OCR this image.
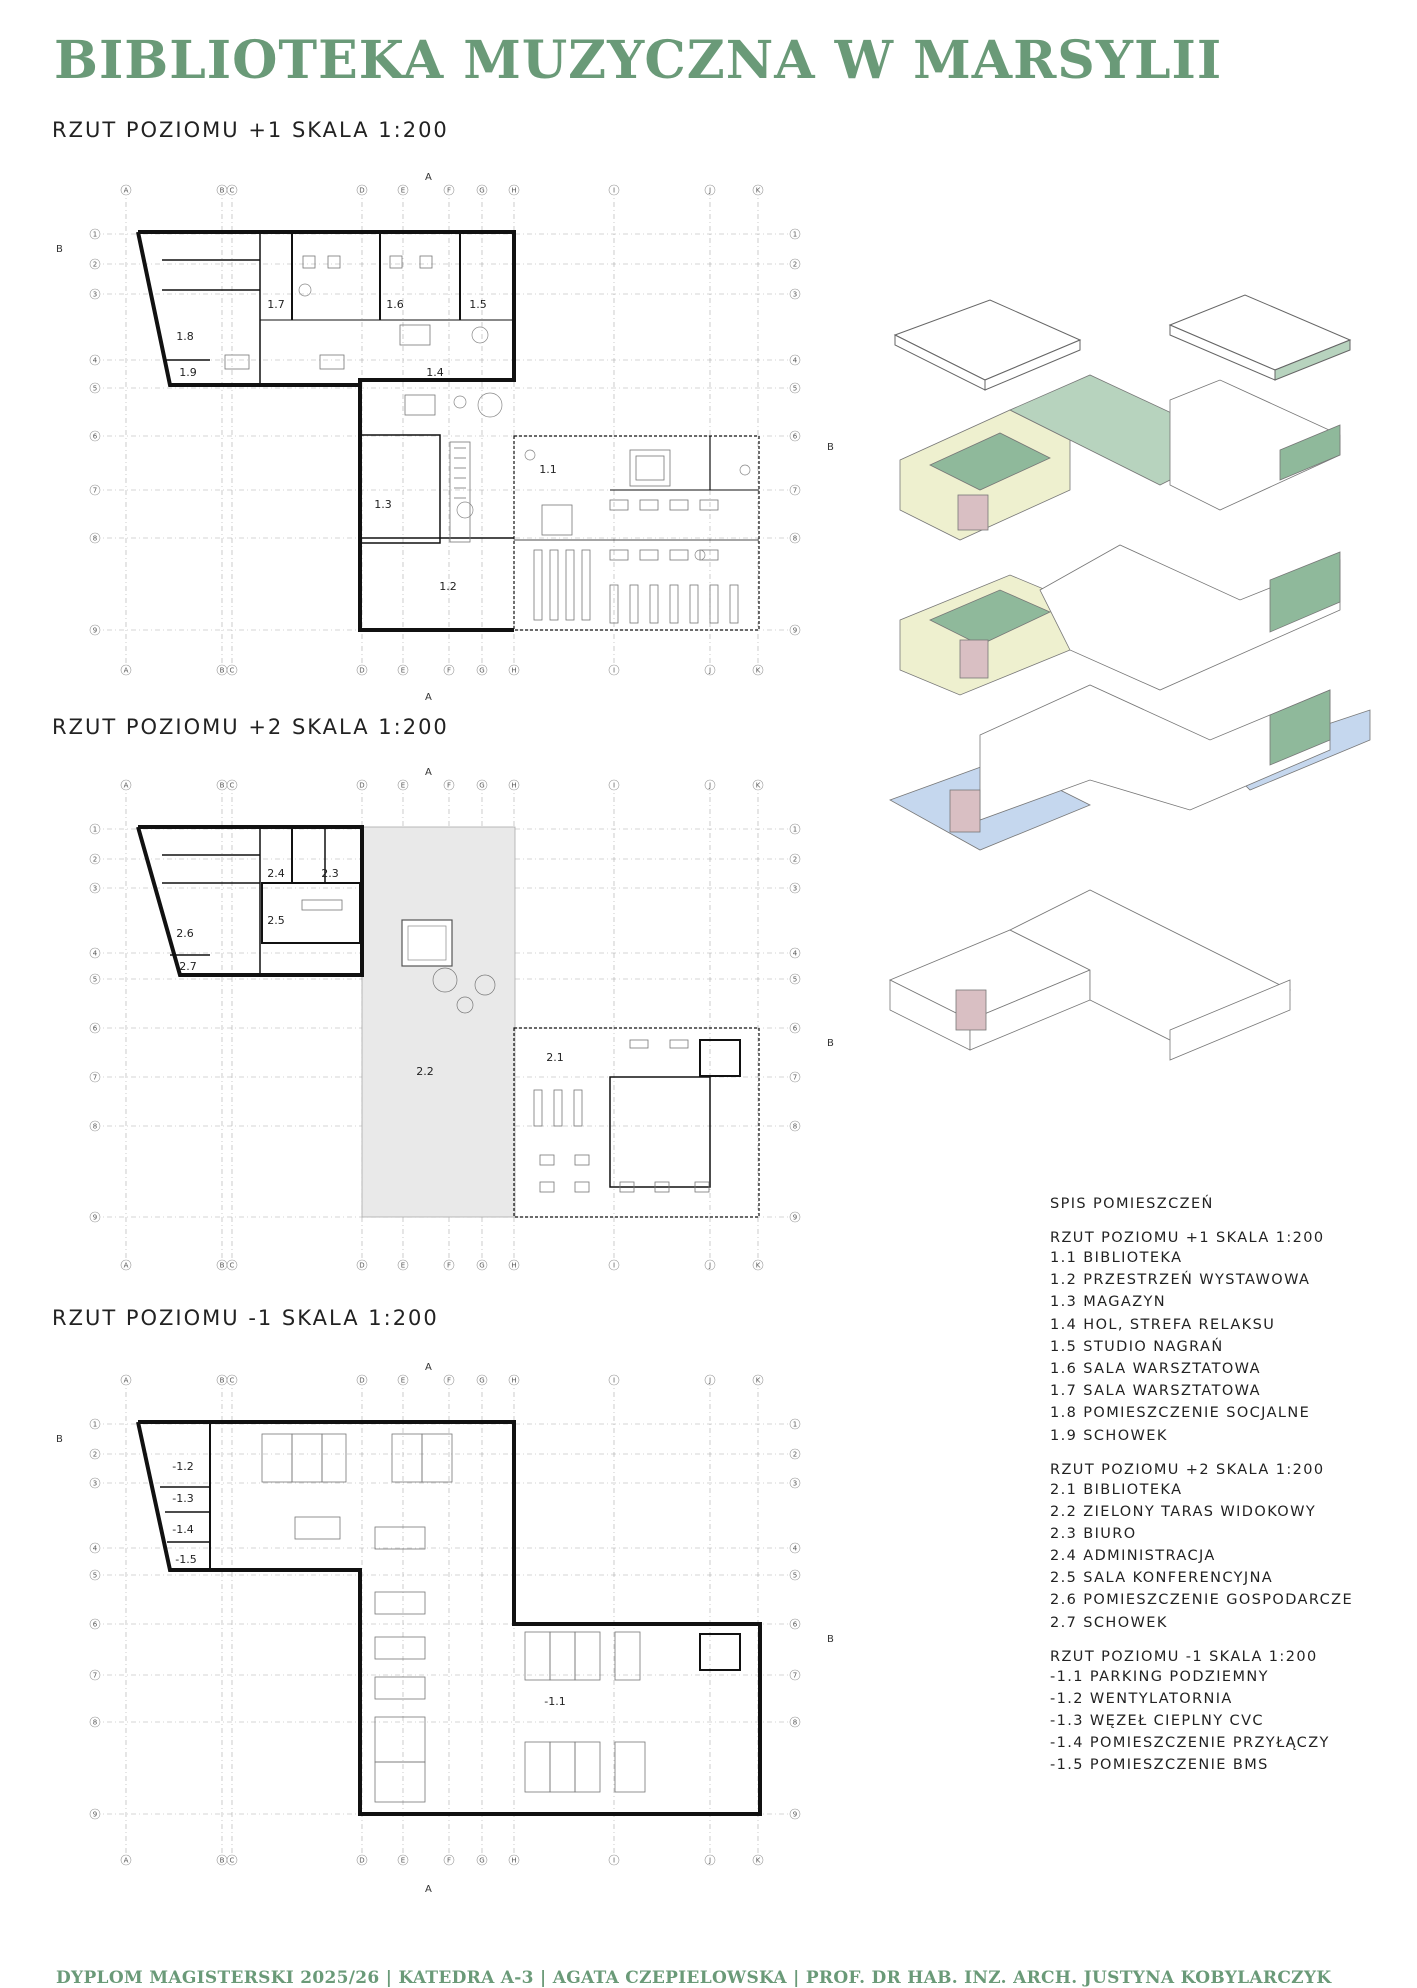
BIBLIOTEKA MUZYCZNA W MARSYLII
RZUT POZIOMU +1 SKALA 1:200
A	B C	D	E	F	G	H	I	J	K
A	B C	D	E	F	G	H	I	J	K
1
2
3
4
5
6
7
8
9
1
2
3
4
5
6
7
8
9
A
A
B
B
1.1
1.2
1.3
1.4
1.5
1.6
1.7
1.8
1.9
RZUT POZIOMU +2 SKALA 1:200
A	B C	D	E	F	G	H	I	J	K
A	B C	D	E	F	G	H	I	J	K
1
2
3
4
5
6
7
8
9
1
2
3
4
5
6
7
8
9
A
B
2.1
2.2
2.3
2.4
2.5
2.6
2.7
RZUT POZIOMU -1 SKALA 1:200
A	B C	D	E	F	G	H	I	J	K
A	B C	D	E	F	G	H	I	J	K
1
2
3
4
5
6
7
8
9
1
2
3
4
5
6
7
8
9
A
A
B
B
-1.1
-1.2
-1.3
-1.4
-1.5
SPIS POMIESZCZEŃ
RZUT POZIOMU +1 SKALA 1:200
1.1 BIBLIOTEKA
1.2 PRZESTRZEŃ WYSTAWOWA
1.3 MAGAZYN
1.4 HOL, STREFA RELAKSU
1.5 STUDIO NAGRAŃ
1.6 SALA WARSZTATOWA
1.7 SALA WARSZTATOWA
1.8 POMIESZCZENIE SOCJALNE
1.9 SCHOWEK
RZUT POZIOMU +2 SKALA 1:200
2.1 BIBLIOTEKA
2.2 ZIELONY TARAS WIDOKOWY
2.3 BIURO
2.4 ADMINISTRACJA
2.5 SALA KONFERENCYJNA
2.6 POMIESZCZENIE GOSPODARCZE
2.7 SCHOWEK
RZUT POZIOMU -1 SKALA 1:200
-1.1 PARKING PODZIEMNY
-1.2 WENTYLATORNIA
-1.3 WĘZEŁ CIEPLNY CVC
-1.4 POMIESZCZENIE PRZYŁĄCZY
-1.5 POMIESZCZENIE BMS
DYPLOM MAGISTERSKI 2025/26 | KATEDRA A-3 | AGATA CZEPIELOWSKA | PROF. DR HAB. INZ. ARCH. JUSTYNA KOBYLARCZYK
